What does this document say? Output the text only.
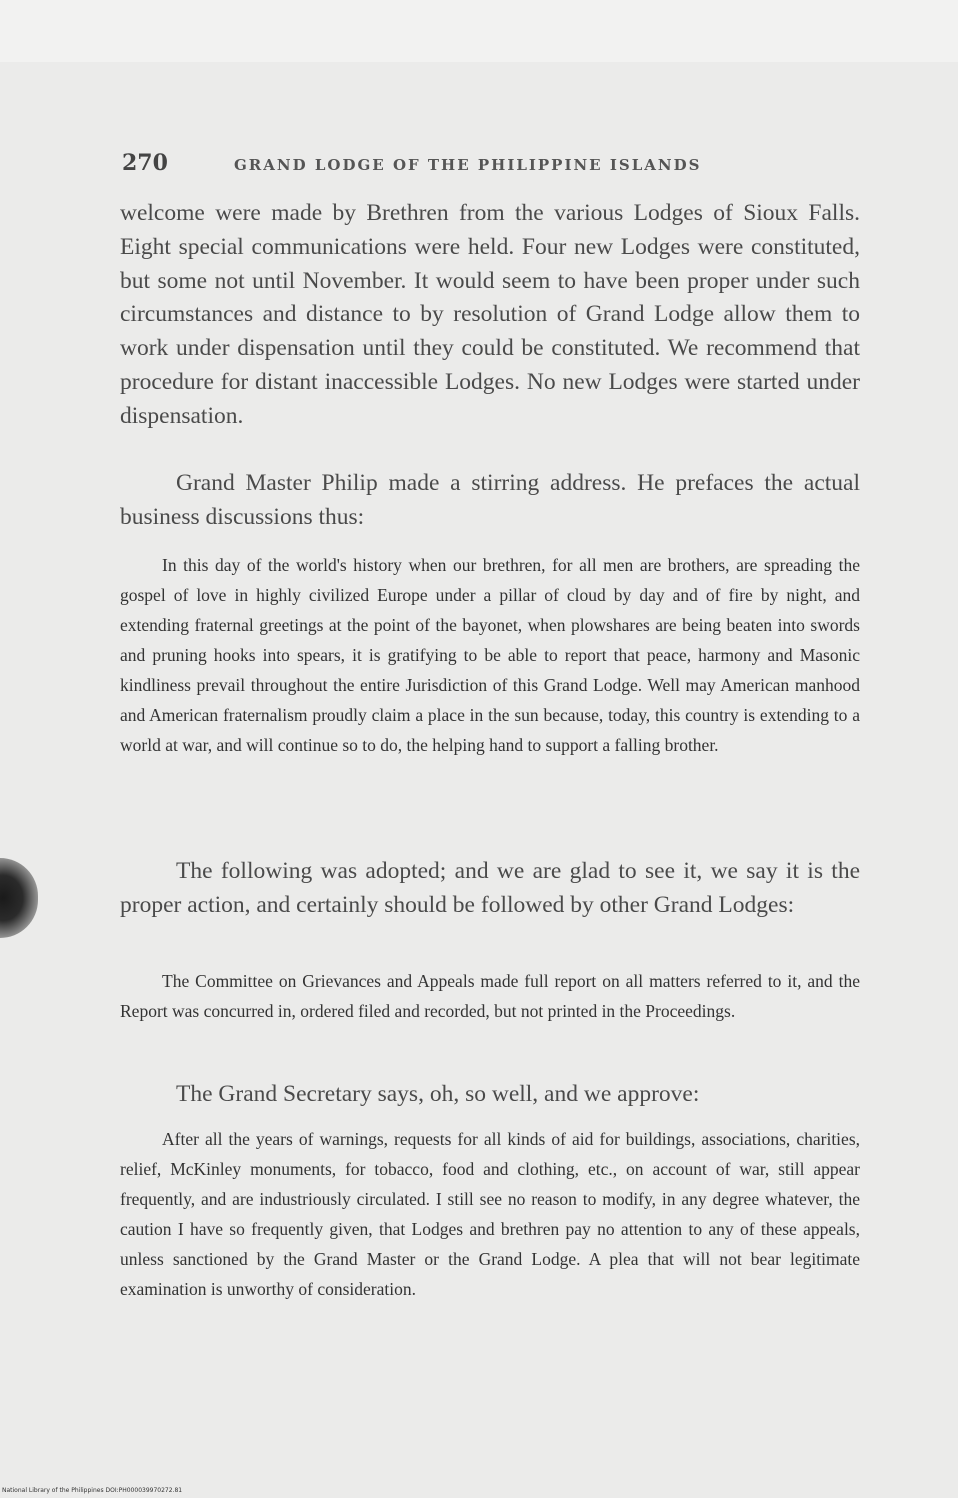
270	GRAND LODGE OF THE PHILIPPINE ISLANDS

welcome were made by Brethren from the various Lodges of Sioux Falls. Eight special communications were held. Four new Lodges were constituted, but some not until November. It would seem to have been proper under such circumstances and distance to by resolution of Grand Lodge allow them to work under dispensation until they could be constituted. We recommend that procedure for distant inaccessible Lodges. No new Lodges were started under dispensation.

Grand Master Philip made a stirring address. He prefaces the actual business discussions thus:

In this day of the world's history when our brethren, for all men are brothers, are spreading the gospel of love in highly civilized Europe under a pillar of cloud by day and of fire by night, and extending fraternal greetings at the point of the bayonet, when plowshares are being beaten into swords and pruning hooks into spears, it is gratifying to be able to report that peace, harmony and Masonic kindliness prevail throughout the entire Jurisdiction of this Grand Lodge. Well may American manhood and American fraternalism proudly claim a place in the sun because, today, this country is extending to a world at war, and will continue so to do, the helping hand to support a falling brother.

The following was adopted; and we are glad to see it, we say it is the proper action, and certainly should be followed by other Grand Lodges:

The Committee on Grievances and Appeals made full report on all matters referred to it, and the Report was concurred in, ordered filed and recorded, but not printed in the Proceedings.

The Grand Secretary says, oh, so well, and we approve:

After all the years of warnings, requests for all kinds of aid for buildings, associations, charities, relief, McKinley monuments, for tobacco, food and clothing, etc., on account of war, still appear frequently, and are industriously circulated. I still see no reason to modify, in any degree whatever, the caution I have so frequently given, that Lodges and brethren pay no attention to any of these appeals, unless sanctioned by the Grand Master or the Grand Lodge. A plea that will not bear legitimate examination is unworthy of consideration.

National Library of the Philippines DOI:PH000039970272.81
